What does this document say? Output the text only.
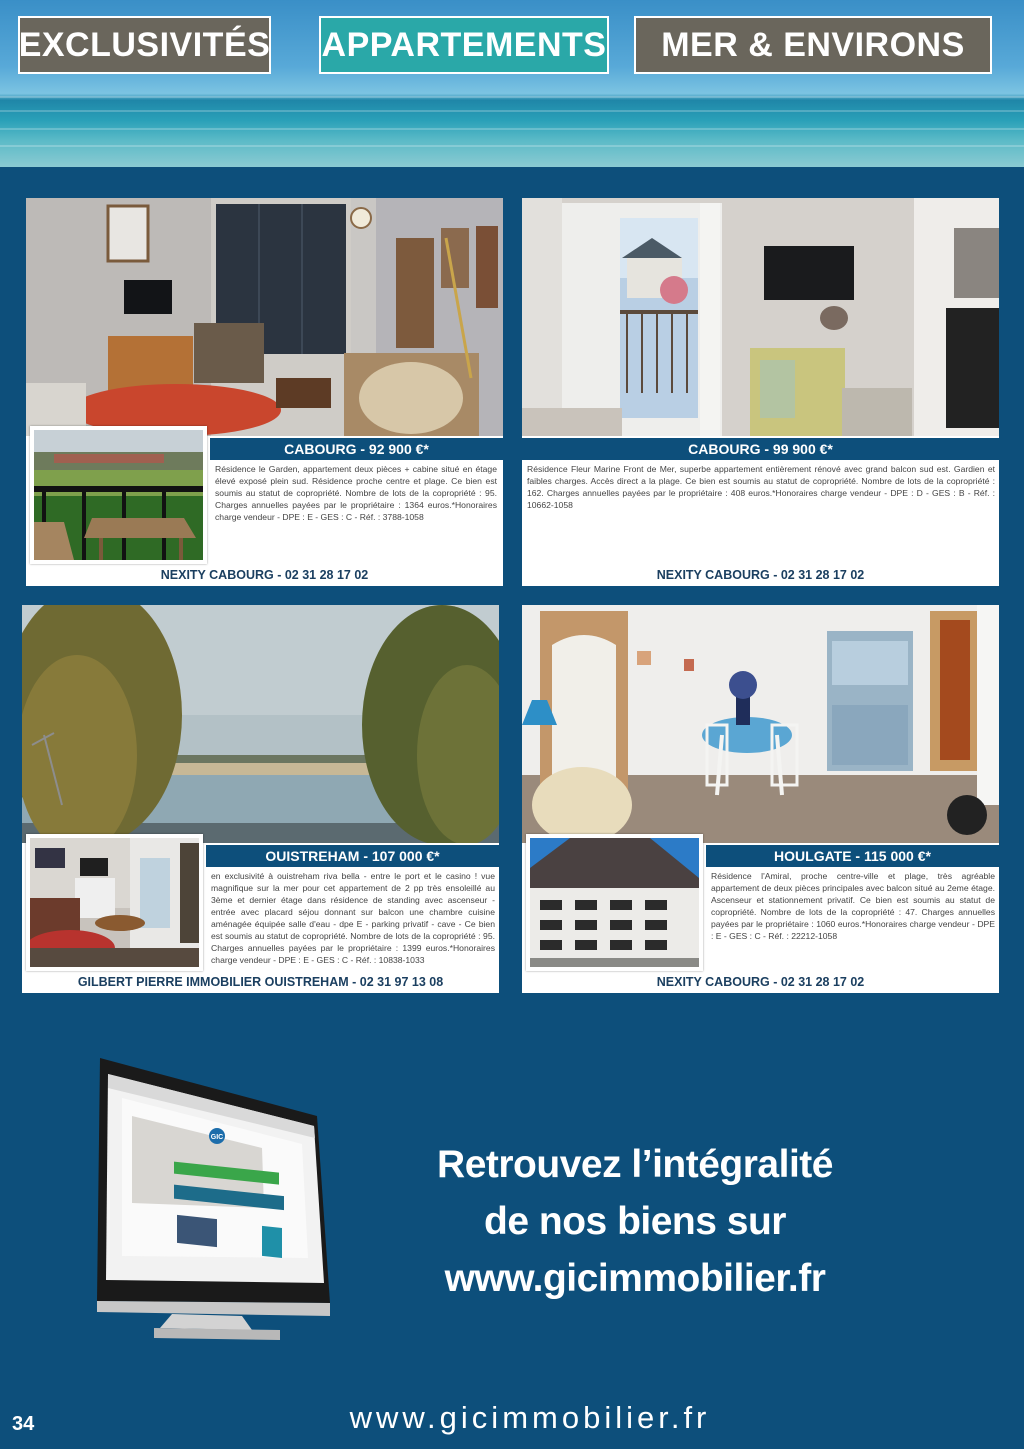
EXCLUSIVITÉS APPARTEMENTS	MER & ENVIRONS
CABOURG - 92 900 €*
Résidence le Garden, appartement deux pièces + cabine situé en étage élevé exposé plein sud. Résidence proche centre et plage. Ce bien est soumis au statut de copropriété. Nombre de lots de la copropriété : 95. Charges annuelles payées par le propriétaire : 1364 euros.*Honoraires charge vendeur - DPE : E - GES : C - Réf. : 3788-1058
NEXITY CABOURG - 02 31 28 17 02
CABOURG - 99 900 €*
Résidence Fleur Marine Front de Mer, superbe appartement entièrement rénové avec grand balcon sud est. Gardien et faibles charges. Accès direct a la plage. Ce bien est soumis au statut de copropriété. Nombre de lots de la copropriété : 162. Charges annuelles payées par le propriétaire : 408 euros.*Honoraires charge vendeur - DPE : D - GES : B - Réf. : 10662-1058
NEXITY CABOURG - 02 31 28 17 02
OUISTREHAM - 107 000 €*
en exclusivité à ouistreham riva bella - entre le port et le casino ! vue magnifique sur la mer pour cet appartement de 2 pp très ensoleillé au 3ème et dernier étage dans résidence de standing avec ascenseur - entrée avec placard séjou donnant sur balcon une chambre cuisine aménagée équipée salle d'eau - dpe E - parking privatif - cave - Ce bien est soumis au statut de copropriété. Nombre de lots de la copropriété : 95. Charges annuelles payées par le propriétaire : 1399 euros.*Honoraires charge vendeur - DPE : E - GES : C - Réf. : 10838-1033
GILBERT PIERRE IMMOBILIER OUISTREHAM - 02 31 97 13 08
HOULGATE - 115 000 €*
Résidence l'Amiral, proche centre-ville et plage, très agréable appartement de deux pièces principales avec balcon situé au 2eme étage. Ascenseur et stationnement privatif. Ce bien est soumis au statut de copropriété. Nombre de lots de la copropriété : 47. Charges annuelles payées par le propriétaire : 1060 euros.*Honoraires charge vendeur - DPE : E - GES : C - Réf. : 22212-1058
NEXITY CABOURG - 02 31 28 17 02
GIC
Retrouvez l’intégralité
de nos biens sur
www.gicimmobilier.fr
34	www.gicimmobilier.fr
